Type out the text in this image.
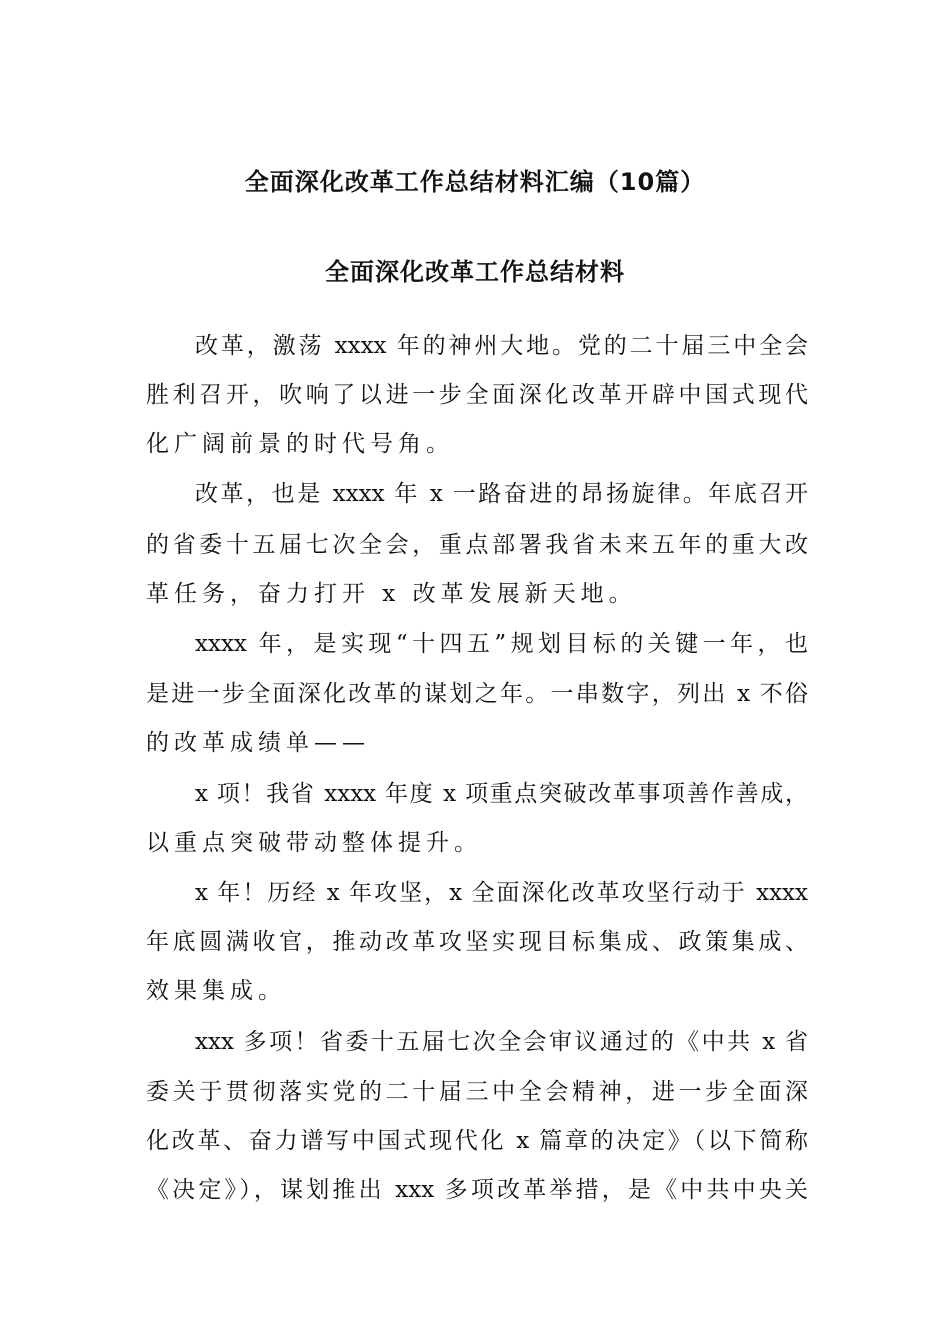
全面深化改革工作总结材料汇编（10篇）
全面深化改革工作总结材料
改革，激荡 xxxx 年的神州大地。党的二十届三中全会
胜利召开，吹响了以进一步全面深化改革开辟中国式现代
化广阔前景的时代号角。
改革，也是 xxxx 年 x 一路奋进的昂扬旋律。年底召开
的省委十五届七次全会，重点部署我省未来五年的重大改
革任务，奋力打开 x 改革发展新天地。
xxxx 年，是实现“十四五”规划目标的关键一年，也
是进一步全面深化改革的谋划之年。一串数字，列出 x 不俗
的改革成绩单——
x 项！我省 xxxx 年度 x 项重点突破改革事项善作善成，
以重点突破带动整体提升。
x 年！历经 x 年攻坚，x 全面深化改革攻坚行动于 xxxx
年底圆满收官，推动改革攻坚实现目标集成、政策集成、
效果集成。
xxx 多项！省委十五届七次全会审议通过的《中共 x 省
委关于贯彻落实党的二十届三中全会精神，进一步全面深
化改革、奋力谱写中国式现代化 x 篇章的决定》（以下简称
《决定》），谋划推出 xxx 多项改革举措，是《中共中央关
